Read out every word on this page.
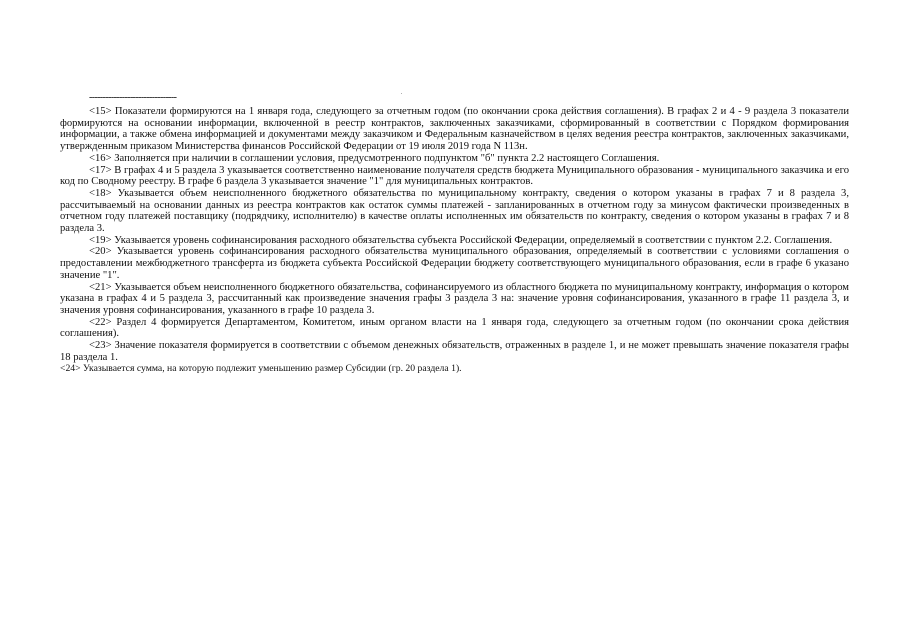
--------------------------------

<15> Показатели формируются на 1 января года, следующего за отчетным годом (по окончании срока действия соглашения). В графах 2 и 4 - 9 раздела 3 показатели формируются на основании информации, включенной в реестр контрактов, заключенных заказчиками, сформированный в соответствии с Порядком формирования информации, а также обмена информацией и документами между заказчиком и Федеральным казначейством в целях ведения реестра контрактов, заключенных заказчиками, утвержденным приказом Министерства финансов Российской Федерации от 19 июля 2019 года N 113н.

<16> Заполняется при наличии в соглашении условия, предусмотренного подпунктом "б" пункта 2.2 настоящего Соглашения.

<17> В графах 4 и 5 раздела 3 указывается соответственно наименование получателя средств бюджета Муниципального образования - муниципального заказчика и его код по Сводному реестру. В графе 6 раздела 3 указывается значение "1" для муниципальных контрактов.

<18> Указывается объем неисполненного бюджетного обязательства по муниципальному контракту, сведения о котором указаны в графах 7 и 8 раздела 3, рассчитываемый на основании данных из реестра контрактов как остаток суммы платежей - запланированных в отчетном году за минусом фактически произведенных в отчетном году платежей поставщику (подрядчику, исполнителю) в качестве оплаты исполненных им обязательств по контракту, сведения о котором указаны в графах 7 и 8 раздела 3.

<19> Указывается уровень софинансирования расходного обязательства субъекта Российской Федерации, определяемый в соответствии с пунктом 2.2. Соглашения.

<20> Указывается уровень софинансирования расходного обязательства муниципального образования, определяемый в соответствии с условиями соглашения о предоставлении межбюджетного трансферта из бюджета субъекта Российской Федерации бюджету соответствующего муниципального образования, если в графе 6 указано значение "1".

<21> Указывается объем неисполненного бюджетного обязательства, софинансируемого из областного бюджета по муниципальному контракту, информация о котором указана в графах 4 и 5 раздела 3, рассчитанный как произведение значения графы 3 раздела 3 на: значение уровня софинансирования, указанного в графе 11 раздела 3, и значения уровня софинансирования, указанного в графе 10 раздела 3.

<22> Раздел 4 формируется Департаментом, Комитетом, иным органом власти на 1 января года, следующего за отчетным годом (по окончании срока действия соглашения).

<23> Значение показателя формируется в соответствии с объемом денежных обязательств, отраженных в разделе 1, и не может превышать значение показателя графы 18 раздела 1.

<24> Указывается сумма, на которую подлежит уменьшению размер Субсидии (гр. 20 раздела 1).
